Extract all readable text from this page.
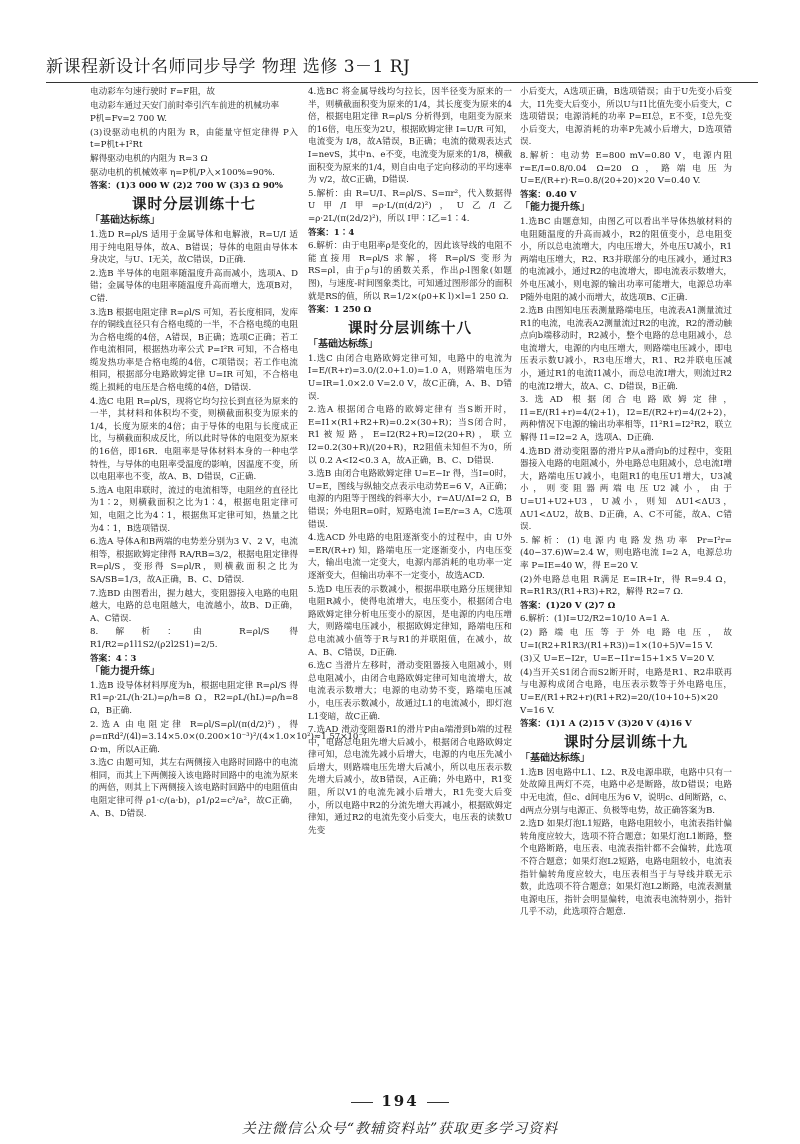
新课程新设计名师同步导学 物理 选修 3－1 RJ

电动彩车匀速行驶时 F=F阻，故

电动彩车通过天安门前时牵引汽车前进的机械功率

P机=Fv=2 700 W.

(3)设驱动电机的内阻为 R，由能量守恒定律得 P入t=P机t+I²Rt

解得驱动电机的内阻为 R=3 Ω

驱动电机的机械效率 η=P机/P入×100%=90%.

答案：(1)3 000 W (2)2 700 W (3)3 Ω 90%

课时分层训练十七

「基础达标练」

1.选D R=ρl/S 适用于金属导体和电解液，R=U/I 适用于纯电阻导体，故A、B错误；导体的电阻由导体本身决定，与U、I无关，故C错误，D正确.

2.选B 半导体的电阻率随温度升高而减小，选项A、D错；金属导体的电阻率随温度升高而增大，选项B对，C错.

3.选B 根据电阻定律 R=ρl/S 可知，若长度相同，发库存的铜线直径只有合格电缆的一半，不合格电缆的电阻为合格电缆的4倍，A错误，B正确；选项C正确；若工作电流相同，根据热功率公式 P=I²R 可知，不合格电缆发热功率是合格电缆的4倍，C项错误；若工作电流相同，根据部分电路欧姆定律 U=IR 可知，不合格电缆上损耗的电压是合格电缆的4倍，D错误.

4.选C 电阻 R=ρl/S，现将它均匀拉长到直径为原来的一半，其材料和体积均不变，则横截面积变为原来的1/4，长度为原来的4倍；由于导体的电阻与长度成正比，与横截面积成反比，所以此时导体的电阻变为原来的16倍，即16R．电阻率是导体材料本身的一种电学特性，与导体的电阻率受温度的影响，因温度不变，所以电阻率也不变，故A、B、D错误，C正确.

5.选A 电阻串联时，流过的电流相等，电阻丝的直径比为1∶2，则横截面积之比为1∶4，根据电阻定律可知，电阻之比为4∶1，根据焦耳定律可知，热量之比为4∶1，B选项错误.

6.选A 导体A和B两端的电势差分别为3 V、2 V，电流相等，根据欧姆定律得 RA/RB=3/2，根据电阻定律得 R=ρl/S，变形得 S=ρl/R，则横截面积之比为 SA/SB=1/3，故A正确，B、C、D错误.

7.选BD 由图看出，握力越大，变阻器接入电路的电阻越大，电路的总电阻越大，电流越小，故B、D正确，A、C错误.

8.解析：由 R=ρl/S 得 R1/R2=ρ1l1S2/(ρ2l2S1)=2/5.

答案：4∶3

「能力提升练」

1.选B 设导体材料厚度为h，根据电阻定律 R=ρl/S 得 R1=ρ·2L/(h·2L)=ρ/h=8 Ω，R2=ρL/(hL)=ρ/h=8 Ω，B正确.

2.选A 由电阻定律 R=ρl/S=ρl/(π(d/2)²)，得 ρ=πRd²/(4l)=3.14×5.0×(0.200×10⁻³)²/(4×1.0×10²)≈1.57×10⁻⁷ Ω·m，所以A正确.

3.选C 由题可知，其左右两侧接入电路时回路中的电流相同，而其上下两侧接入该电路时回路中的电流为原来的两倍，则其上下两侧接入该电路时回路中的电阻值由电阻定律可得 ρ1·c/(a·b)，ρ1/ρ2=c²/a²，故C正确，A、B、D错误.

4.选BC 将金属导线均匀拉长，因半径变为原来的一半，则横截面积变为原来的1/4，其长度变为原来的4倍，根据电阻定律 R=ρl/S 分析得到，电阻变为原来的16倍，电压变为2U，根据欧姆定律 I=U/R 可知，电流变为 I/8，故A错误，B正确；电流的微观表达式 I=nevS，其中n、e不变，电流变为原来的1/8，横截面积变为原来的1/4，则自由电子定向移动的平均速率为 v/2，故C正确，D错误.

5.解析：由 R=U/I、R=ρl/S、S=πr²，代入数据得 U甲/I甲=ρ·L/(π(d/2)²)，U乙/I乙=ρ·2L/(π(2d/2)²)，所以 I甲∶I乙=1∶4.

答案：1∶4

6.解析：由于电阻率ρ是变化的，因此该导线的电阻不能直接用 R=ρl/S 求解，将 R=ρl/S 变形为 RS=ρl，由于ρ与l的函数关系，作出ρ-l图象(如题图)，与速度-时间图象类比，可知通过图形部分的面积就是RS的值，所以 R=1/2×(ρ0+K l)×l=1 250 Ω.

答案：1 250 Ω

课时分层训练十八

「基础达标练」

1.选C 由闭合电路欧姆定律可知，电路中的电流为 I=E/(R+r)=3.0/(2.0+1.0)=1.0 A，则路端电压为 U=IR=1.0×2.0 V=2.0 V，故C正确，A、B、D错误.

2.选A 根据闭合电路的欧姆定律有 当S断开时，E=I1×(R1+R2+R)=0.2×(30+R)；当S闭合时，R1被短路，E=I2(R2+R)=I2(20+R)，联立 I2=0.2(30+R)/(20+R)，R2阻值未知但不为0，所以 0.2 A<I2<0.3 A，故A正确，B、C、D错误.

3.选B 由闭合电路欧姆定律 U=E−Ir 得，当I=0时，U=E，图线与纵轴交点表示电动势E=6 V，A正确；电源的内阻等于图线的斜率大小，r=ΔU/ΔI=2 Ω，B错误；外电阻R=0时，短路电流 I=E/r=3 A，C选项错误.

4.选ACD 外电路的电阻逐渐变小的过程中，由 U外=ER/(R+r) 知，路端电压一定逐渐变小，内电压变大，输出电流一定变大，电源内部消耗的电功率一定逐渐变大，但输出功率不一定变小，故选ACD.

5.选D 电压表的示数减小，根据串联电路分压规律知电阻R减小，使得电流增大，电压变小，根据闭合电路欧姆定律分析电压变小的原因，是电源的内电压增大，则路端电压减小，根据欧姆定律知，路端电压和总电流减小值等于R与R1的并联阻值，在减小，故A、B、C错误，D正确.

6.选C 当滑片左移时，滑动变阻器接入电阻减小，则总电阻减小，由闭合电路欧姆定律可知电流增大，故电流表示数增大；电源的电动势不变，路端电压减小，电压表示数减小，故通过L1的电流减小，即灯泡L1变暗，故C正确.

7.选AD 滑动变阻器R1的滑片P由a端滑到b端的过程中，电路总电阻先增大后减小，根据闭合电路欧姆定律可知，总电流先减小后增大，电源的内电压先减小后增大，则路端电压先增大后减小，所以电压表示数先增大后减小，故B错误，A正确；外电路中，R1变阻，所以V1的电流先减小后增大，R1先变大后变小，所以电路中R2的分流先增大再减小，根据欧姆定律知，通过R2的电流先变小后变大，电压表的读数U先变

小后变大，A选项正确，B选项错误；由于U先变小后变大，I1先变大后变小，所以U与I1比值先变小后变大，C选项错误；电源消耗的功率 P=EI总，E不变，I总先变小后变大，电源消耗的功率P先减小后增大，D选项错误.

8.解析：电动势 E=800 mV=0.80 V，电源内阻 r=E/I=0.8/0.04 Ω=20 Ω，路端电压为 U=E/(R+r)·R=0.8/(20+20)×20 V=0.40 V.

答案：0.40 V

「能力提升练」

1.选BC 由题意知，由图乙可以看出半导体热敏材料的电阻随温度的升高而减小，R2的阻值变小，总电阻变小，所以总电流增大，内电压增大，外电压U减小，R1两端电压增大，R2、R3并联部分的电压减小，通过R3的电流减小，通过R2的电流增大，即电流表示数增大，外电压减小，则电源的输出功率可能增大，电源总功率 P随外电阻的减小而增大，故选项B、C正确.

2.选B 由图知电压表测量路端电压，电流表A1测量流过R1的电流，电流表A2测量流过R2的电流，R2的滑动触点向b端移动时，R2减小，整个电路的总电阻减小，总电流增大，电源的内电压增大，则路端电压减小，即电压表示数U减小，R3电压增大，R1、R2并联电压减小，通过R1的电流I1减小，而总电流I增大，则流过R2的电流I2增大，故A、C、D错误，B正确.

3.选AD 根据闭合电路欧姆定律，I1=E/(R1+r)=4/(2+1)，I2=E/(R2+r)=4/(2+2)，两种情况下电源的输出功率相等，I1²R1=I2²R2，联立解得 I1=I2=2 A，选项A、D正确.

4.选BD 滑动变阻器的滑片P从a滑向b的过程中，变阻器接入电路的电阻减小，外电路总电阻减小，总电流I增大，路端电压U减小，电阻R1的电压U1增大，U3减小，则变阻器两端电压U2减小，由于 U=U1+U2+U3，U减小，则知 ΔU1<ΔU3，ΔU1<ΔU2，故B、D正确，A、C不可能，故A、C错误.

5.解析：(1)电源内电路发热功率 Pr=I²r=(40−37.6)W=2.4 W，则电路电流 I=2 A，电源总功率 P=IE=40 W，得 E=20 V.

(2)外电路总电阻 R满足 E=IR+Ir，得 R=9.4 Ω，R=R1R3/(R1+R3)+R2，解得 R2=7 Ω.

答案：(1)20 V (2)7 Ω

6.解析：(1)I=U2/R2=10/10 A=1 A.

(2)路端电压等于外电路电压，故 U=I(R2+R1R3/(R1+R3))=1×(10+5)V=15 V.

(3)又 U=E−I2r，U=E−I1r=15+1×5 V=20 V.

(4)当开关S1闭合而S2断开时，电路是R1、R2串联再与电源构成闭合电路，电压表示数等于外电路电压，U=E/(R1+R2+r)(R1+R2)=20/(10+10+5)×20 V=16 V.

答案：(1)1 A (2)15 V (3)20 V (4)16 V

课时分层训练十九

「基础达标练」

1.选B 因电路中L1、L2、R及电源串联，电路中只有一处故障且两灯不亮，电路中必是断路，故D错误；电路中无电流，但c、d间电压为6 V，说明c、d间断路，c、d两点分别与电源正、负极等电势，故正确答案为B.

2.选D 如果灯泡L1短路，电路电阻较小，电流表指针偏转角度应较大，选项不符合题意；如果灯泡L1断路，整个电路断路，电压表、电流表指针都不会偏转，此选项不符合题意；如果灯泡L2短路，电路电阻较小，电流表指针偏转角度应较大，电压表相当于与导线并联无示数，此选项不符合题意；如果灯泡L2断路，电流表测量电源电压，指针会明显偏转，电流表电流特别小，指针几乎不动，此选项符合题意.

194
关注微信公众号“教辅资料站”获取更多学习资料
